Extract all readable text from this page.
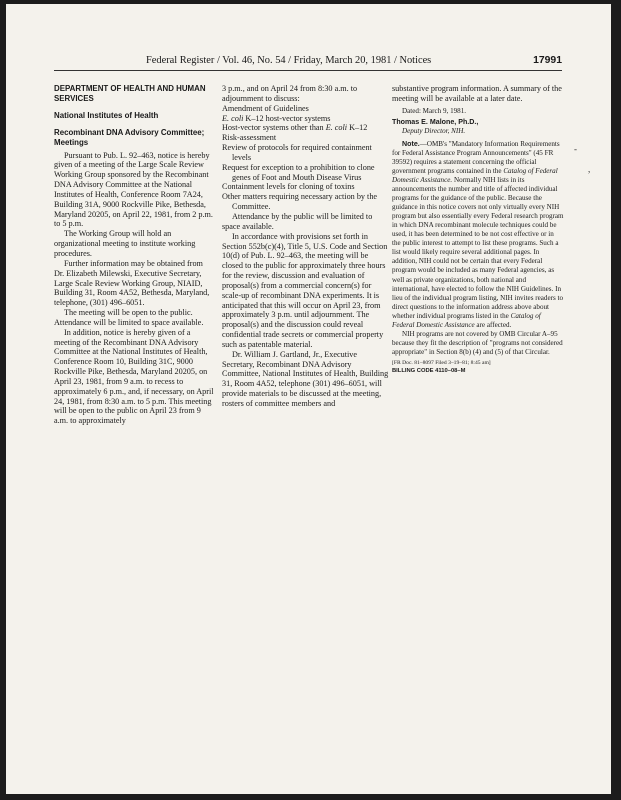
Federal Register / Vol. 46, No. 54 / Friday, March 20, 1981 / Notices	17991

DEPARTMENT OF HEALTH AND HUMAN SERVICES

National Institutes of Health

Recombinant DNA Advisory Committee; Meetings

Pursuant to Pub. L. 92–463, notice is hereby given of a meeting of the Large Scale Review Working Group sponsored by the Recombinant DNA Advisory Committee at the National Institutes of Health, Conference Room 7A24, Building 31A, 9000 Rockville Pike, Bethesda, Maryland 20205, on April 22, 1981, from 2 p.m. to 5 p.m.

The Working Group will hold an organizational meeting to institute working procedures.

Further information may be obtained from Dr. Elizabeth Milewski, Executive Secretary, Large Scale Review Working Group, NIAID, Building 31, Room 4A52, Bethesda, Maryland, telephone, (301) 496–6051.

The meeting will be open to the public. Attendance will be limited to space available.

In addition, notice is hereby given of a meeting of the Recombinant DNA Advisory Committee at the National Institutes of Health, Conference Room 10, Building 31C, 9000 Rockville Pike, Bethesda, Maryland 20205, on April 23, 1981, from 9 a.m. to recess to approximately 6 p.m., and, if necessary, on April 24, 1981, from 8:30 a.m. to 5 p.m. This meeting will be open to the public on April 23 from 9 a.m. to approximately

3 p.m., and on April 24 from 8:30 a.m. to adjournment to discuss:

Amendment of Guidelines

E. coli K–12 host-vector systems

Host-vector systems other than E. coli K–12

Risk-assessment

Review of protocols for required containment levels

Request for exception to a prohibition to clone genes of Foot and Mouth Disease Virus

Containment levels for cloning of toxins

Other matters requiring necessary action by the Committee.

Attendance by the public will be limited to space available.

In accordance with provisions set forth in Section 552b(c)(4), Title 5, U.S. Code and Section 10(d) of Pub. L. 92–463, the meeting will be closed to the public for approximately three hours for the review, discussion and evaluation of proposal(s) from a commercial concern(s) for scale-up of recombinant DNA experiments. It is anticipated that this will occur on April 23, from approximately 3 p.m. until adjournment. The proposal(s) and the discussion could reveal confidential trade secrets or commercial property such as patentable material.

Dr. William J. Gartland, Jr., Executive Secretary, Recombinant DNA Advisory Committee, National Institutes of Health, Building 31, Room 4A52, telephone (301) 496–6051, will provide materials to be discussed at the meeting, rosters of committee members and

substantive program information. A summary of the meeting will be available at a later date.

Dated: March 9, 1981.

Thomas E. Malone, Ph.D.,

Deputy Director, NIH.

Note.—OMB's "Mandatory Information Requirements for Federal Assistance Program Announcements" (45 FR 39592) requires a statement concerning the official government programs contained in the Catalog of Federal Domestic Assistance. Normally NIH lists in its announcements the number and title of affected individual programs for the guidance of the public. Because the guidance in this notice covers not only virtually every NIH program but also essentially every Federal research program in which DNA recombinant molecule techniques could be used, it has been determined to be not cost effective or in the public interest to attempt to list these programs. Such a list would likely require several additional pages. In addition, NIH could not be certain that every Federal program would be included as many Federal agencies, as well as private organizations, both national and international, have elected to follow the NIH Guidelines. In lieu of the individual program listing, NIH invites readers to direct questions to the information address above about whether individual programs listed in the Catalog of Federal Domestic Assistance are affected.

NIH programs are not covered by OMB Circular A–95 because they fit the description of "programs not considered appropriate" in Section 8(b) (4) and (5) of that Circular.

[FR Doc. 81–8097 Filed 3–19–81; 8:45 am]

BILLING CODE 4110–08–M

-
,
